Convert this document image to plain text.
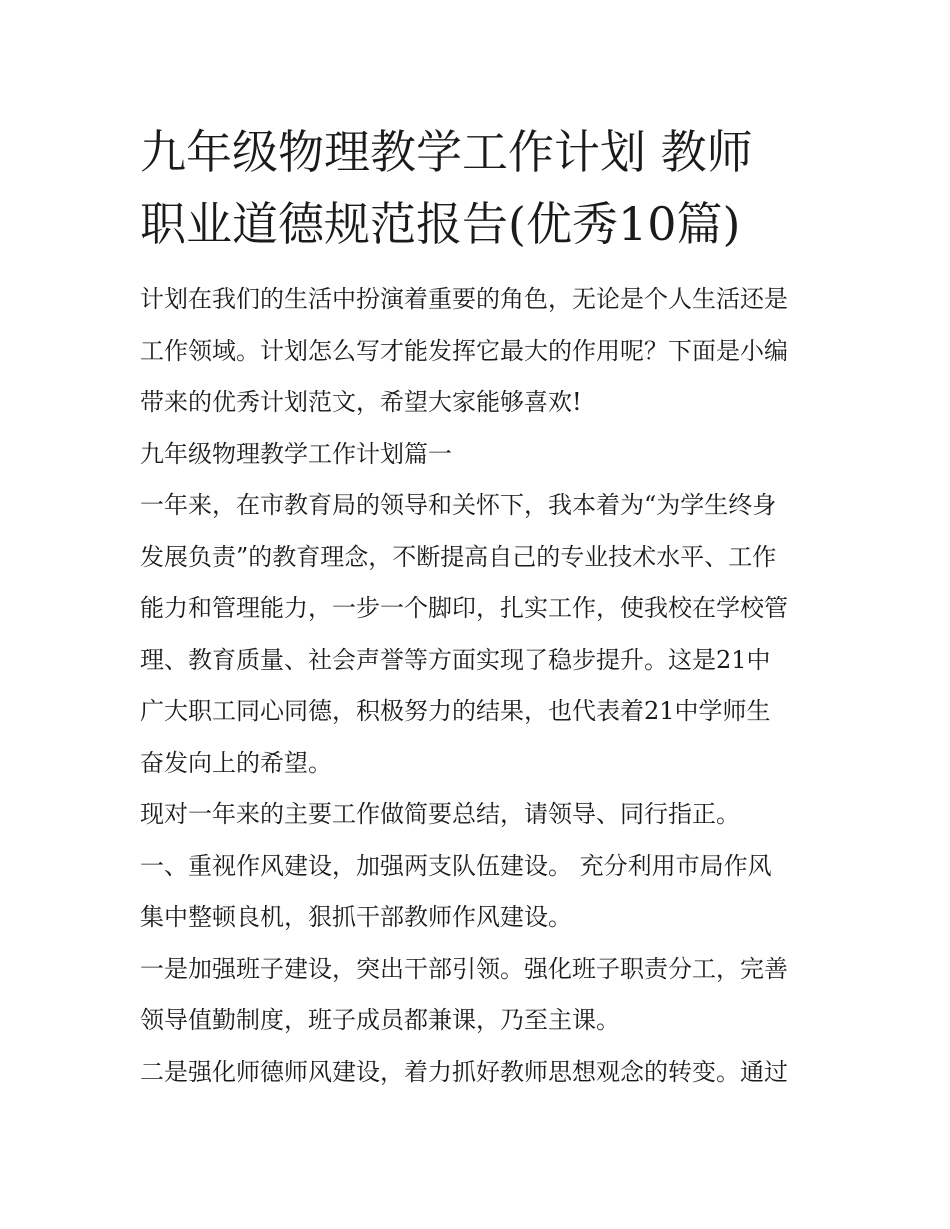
九年级物理教学工作计划 教师
职业道德规范报告(优秀10篇)

计划在我们的生活中扮演着重要的角色，无论是个人生活还是
工作领域。计划怎么写才能发挥它最大的作用呢？下面是小编
带来的优秀计划范文，希望大家能够喜欢!

九年级物理教学工作计划篇一

一年来，在市教育局的领导和关怀下，我本着为“为学生终身
发展负责”的教育理念，不断提高自己的专业技术水平、工作
能力和管理能力，一步一个脚印，扎实工作，使我校在学校管
理、教育质量、社会声誉等方面实现了稳步提升。这是21中
广大职工同心同德，积极努力的结果，也代表着21中学师生
奋发向上的希望。

现对一年来的主要工作做简要总结，请领导、同行指正。

一、重视作风建设，加强两支队伍建设。 充分利用市局作风
集中整顿良机，狠抓干部教师作风建设。

一是加强班子建设，突出干部引领。强化班子职责分工，完善
领导值勤制度，班子成员都兼课，乃至主课。

二是强化师德师风建设，着力抓好教师思想观念的转变。通过
